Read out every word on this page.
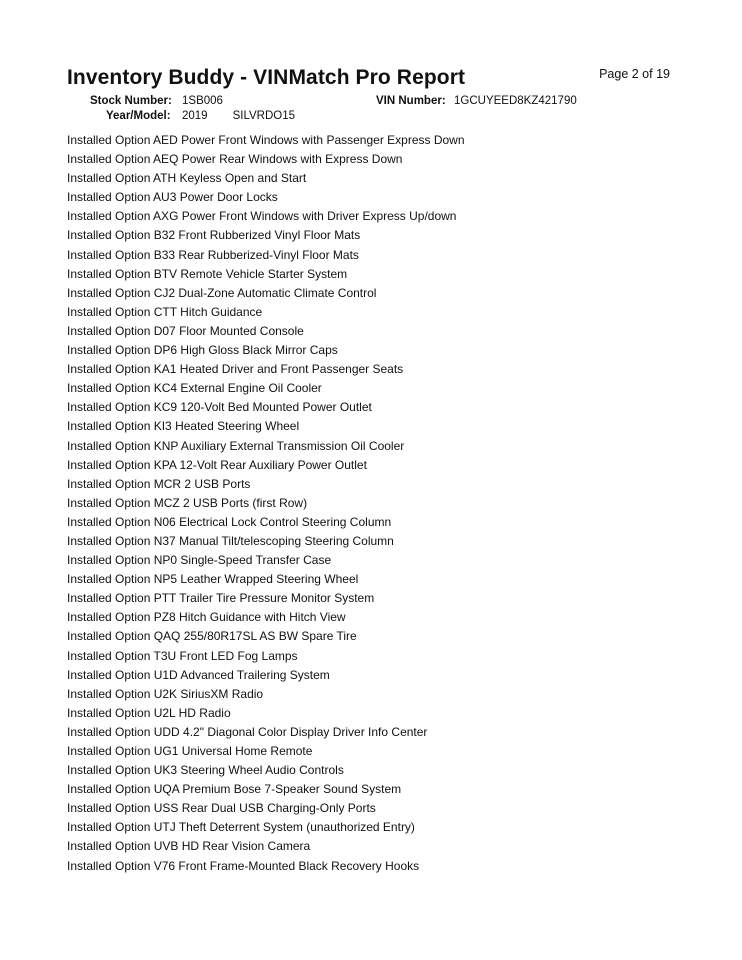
Inventory Buddy - VINMatch Pro Report	Page 2 of 19
Stock Number: 1SB006	VIN Number: 1GCUYEED8KZ421790
Year/Model: 2019 SILVRDO15
Installed Option AED Power Front Windows with Passenger Express Down
Installed Option AEQ Power Rear Windows with Express Down
Installed Option ATH Keyless Open and Start
Installed Option AU3 Power Door Locks
Installed Option AXG Power Front Windows with Driver Express Up/down
Installed Option B32 Front Rubberized Vinyl Floor Mats
Installed Option B33 Rear Rubberized-Vinyl Floor Mats
Installed Option BTV Remote Vehicle Starter System
Installed Option CJ2 Dual-Zone Automatic Climate Control
Installed Option CTT Hitch Guidance
Installed Option D07 Floor Mounted Console
Installed Option DP6 High Gloss Black Mirror Caps
Installed Option KA1 Heated Driver and Front Passenger Seats
Installed Option KC4 External Engine Oil Cooler
Installed Option KC9 120-Volt Bed Mounted Power Outlet
Installed Option KI3 Heated Steering Wheel
Installed Option KNP Auxiliary External Transmission Oil Cooler
Installed Option KPA 12-Volt Rear Auxiliary Power Outlet
Installed Option MCR 2 USB Ports
Installed Option MCZ 2 USB Ports (first Row)
Installed Option N06 Electrical Lock Control Steering Column
Installed Option N37 Manual Tilt/telescoping Steering Column
Installed Option NP0 Single-Speed Transfer Case
Installed Option NP5 Leather Wrapped Steering Wheel
Installed Option PTT Trailer Tire Pressure Monitor System
Installed Option PZ8 Hitch Guidance with Hitch View
Installed Option QAQ 255/80R17SL AS BW Spare Tire
Installed Option T3U Front LED Fog Lamps
Installed Option U1D Advanced Trailering System
Installed Option U2K SiriusXM Radio
Installed Option U2L HD Radio
Installed Option UDD 4.2" Diagonal Color Display Driver Info Center
Installed Option UG1 Universal Home Remote
Installed Option UK3 Steering Wheel Audio Controls
Installed Option UQA Premium Bose 7-Speaker Sound System
Installed Option USS Rear Dual USB Charging-Only Ports
Installed Option UTJ Theft Deterrent System (unauthorized Entry)
Installed Option UVB HD Rear Vision Camera
Installed Option V76 Front Frame-Mounted Black Recovery Hooks
